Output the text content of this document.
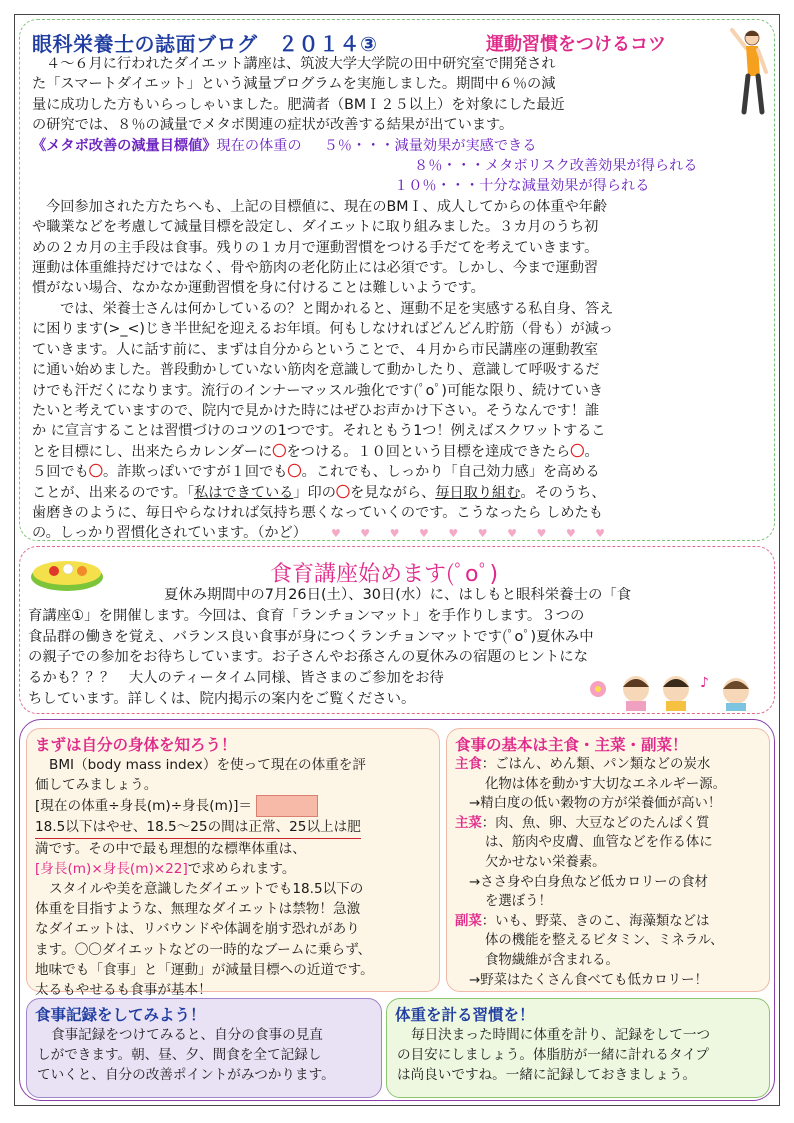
眼科栄養士の誌面ブログ　２０１４③	運動習慣をつけるコツ

４～６月に行われたダイエット講座は、筑波大学大学院の田中研究室で開発され

た「スマートダイエット」という減量プログラムを実施しました。期間中６％の減

量に成功した方もいらっしゃいました。肥満者（BMＩ２５以上）を対象にした最近

の研究では、８％の減量でメタボ関連の症状が改善する結果が出ています。

《メタボ改善の減量目標値》現在の体重の ５％・・・減量効果が実感できる

８％・・・メタボリスク改善効果が得られる

１０％・・・十分な減量効果が得られる

今回参加された方たちへも、上記の目標値に、現在のBMＩ、成人してからの体重や年齢

や職業などを考慮して減量目標を設定し、ダイエットに取り組みました。３カ月のうち初

めの２カ月の主手段は食事。残りの１カ月で運動習慣をつける手だてを考えていきます。

運動は体重維持だけではなく、骨や筋肉の老化防止には必須です。しかし、今まで運動習

慣がない場合、なかなか運動習慣を身に付けることは難しいようです。

では、栄養士さんは何かしているの？と聞かれると、運動不足を実感する私自身、答え

に困ります(>_<)じき半世紀を迎えるお年頃。何もしなければどんどん貯筋（骨も）が減っ

ていきます。人に話す前に、まずは自分からということで、４月から市民講座の運動教室

に通い始めました。普段動かしていない筋肉を意識して動かしたり、意識して呼吸するだ

けでも汗だくになります。流行のインナーマッスル強化です(ﾟoﾟ)可能な限り、続けていき

たいと考えていますので、院内で見かけた時にはぜひお声かけ下さい。そうなんです！誰

か に宣言することは習慣づけのコツの1つです。それともう1つ！例えばスクワットするこ

とを目標にし、出来たらカレンダーに〇をつける。１０回という目標を達成できたら〇。

５回でも〇。詐欺っぽいですが１回でも〇。これでも、しっかり「自己効力感」を高める

ことが、出来るのです。「私はできている」印の〇を見ながら、毎日取り組む。そのうち、

歯磨きのように、毎日やらなければ気持ち悪くなっていくのです。こうなったら しめたも

の。しっかり習慣化されています。（かど） ♥ ♥ ♥ ♥ ♥ ♥ ♥ ♥ ♥ ♥

食育講座始めます(ﾟoﾟ)

夏休み期間中の7月26日(土）、30日(水）に、はしもと眼科栄養士の「食

育講座①」を開催します。今回は、食育「ランチョンマット」を手作りします。３つの

食品群の働きを覚え、バランス良い食事が身につくランチョンマットです(ﾟoﾟ)夏休み中

の親子での参加をお待ちしています。お子さんやお孫さんの夏休みの宿題のヒントにな

るかも？？？　大人のティータイム同様、皆さまのご参加をお待

ちしています。詳しくは、院内掲示の案内をご覧ください。

♪
まずは自分の身体を知ろう！

BMI（body mass index）を使って現在の体重を評

価してみましょう。

[現在の体重÷身長(m)÷身長(m)]＝

18.5以下はやせ、18.5～25の間は正常、25以上は肥

満です。その中で最も理想的な標準体重は、

[身長(m)×身長(m)×22]で求められます。

スタイルや美を意識したダイエットでも18.5以下の

体重を目指すような、無理なダイエットは禁物！急激

なダイエットは、リバウンドや体調を崩す恐れがあり

ます。〇〇ダイエットなどの一時的なブームに乗らず、

地味でも「食事」と「運動」が減量目標への近道です。

太るもやせるも食事が基本！

食事の基本は主食・主菜・副菜！

主食：ごはん、めん類、パン類などの炭水

化物は体を動かす大切なエネルギー源。

→精白度の低い穀物の方が栄養価が高い！

主菜：肉、魚、卵、大豆などのたんぱく質

は、筋肉や皮膚、血管などを作る体に

欠かせない栄養素。

→ささ身や白身魚など低カロリーの食材

を選ぼう！

副菜：いも、野菜、きのこ、海藻類などは

体の機能を整えるビタミン、ミネラル、

食物繊維が含まれる。

→野菜はたくさん食べても低カロリー！

食事記録をしてみよう！

食事記録をつけてみると、自分の食事の見直

しができます。朝、昼、夕、間食を全て記録し

ていくと、自分の改善ポイントがみつかります。

体重を計る習慣を！

毎日決まった時間に体重を計り、記録をして一つ

の目安にしましょう。体脂肪が一緒に計れるタイプ

は尚良いですね。一緒に記録しておきましょう。
